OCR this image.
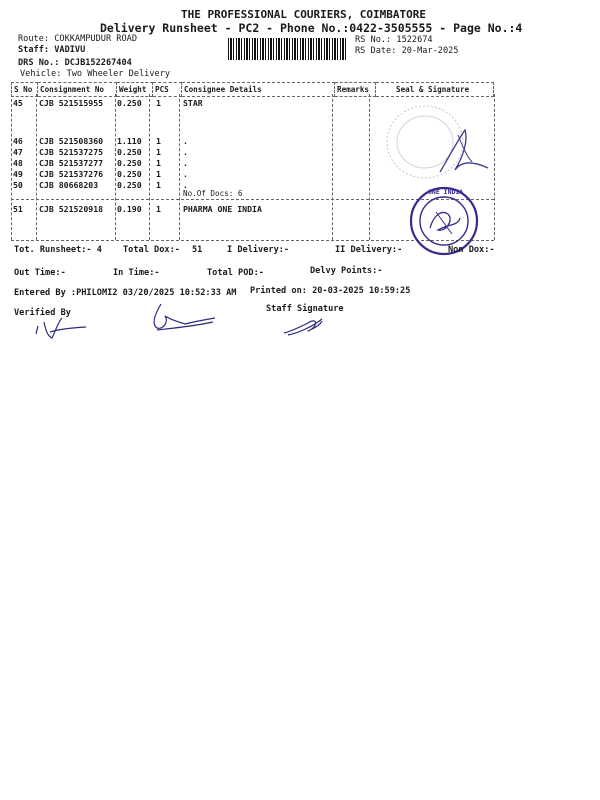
THE PROFESSIONAL COURIERS, COIMBATORE
Delivery Runsheet - PC2 - Phone No.:0422-3505555 - Page No.:4
Route: COKKAMPUDUR ROAD
Staff: VADIVU
DRS No.: DCJB152267404
Vehicle: Two Wheeler Delivery
RS No.: 1522674
RS Date: 20-Mar-2025
S No	Consignment No	Weight	PCS	Consignee Details	Remarks	Seal & Signature
45 CJB 521515955 0.250 1	STAR
46 CJB 521508360 1.110 1	.
47 CJB 521537275 0.250 1	.
48 CJB 521537277 0.250 1	.
49 CJB 521537276 0.250 1	.
50 CJB 80668203 0.250 1	.
No.Of Docs: 6
51 CJB 521520918 0.190 1	PHARMA ONE INDIA
ONE INDIA
Tot. Runsheet:- 4 Total Dox:- 51	I Delivery:-	II Delivery:-	Non Dox:-
Out Time:-	In Time:-	Total POD:-	Delvy Points:-
Entered By :PHILOMI2 03/20/2025 10:52:33 AM Printed on: 20-03-2025 10:59:25
Verified By	Staff Signature
